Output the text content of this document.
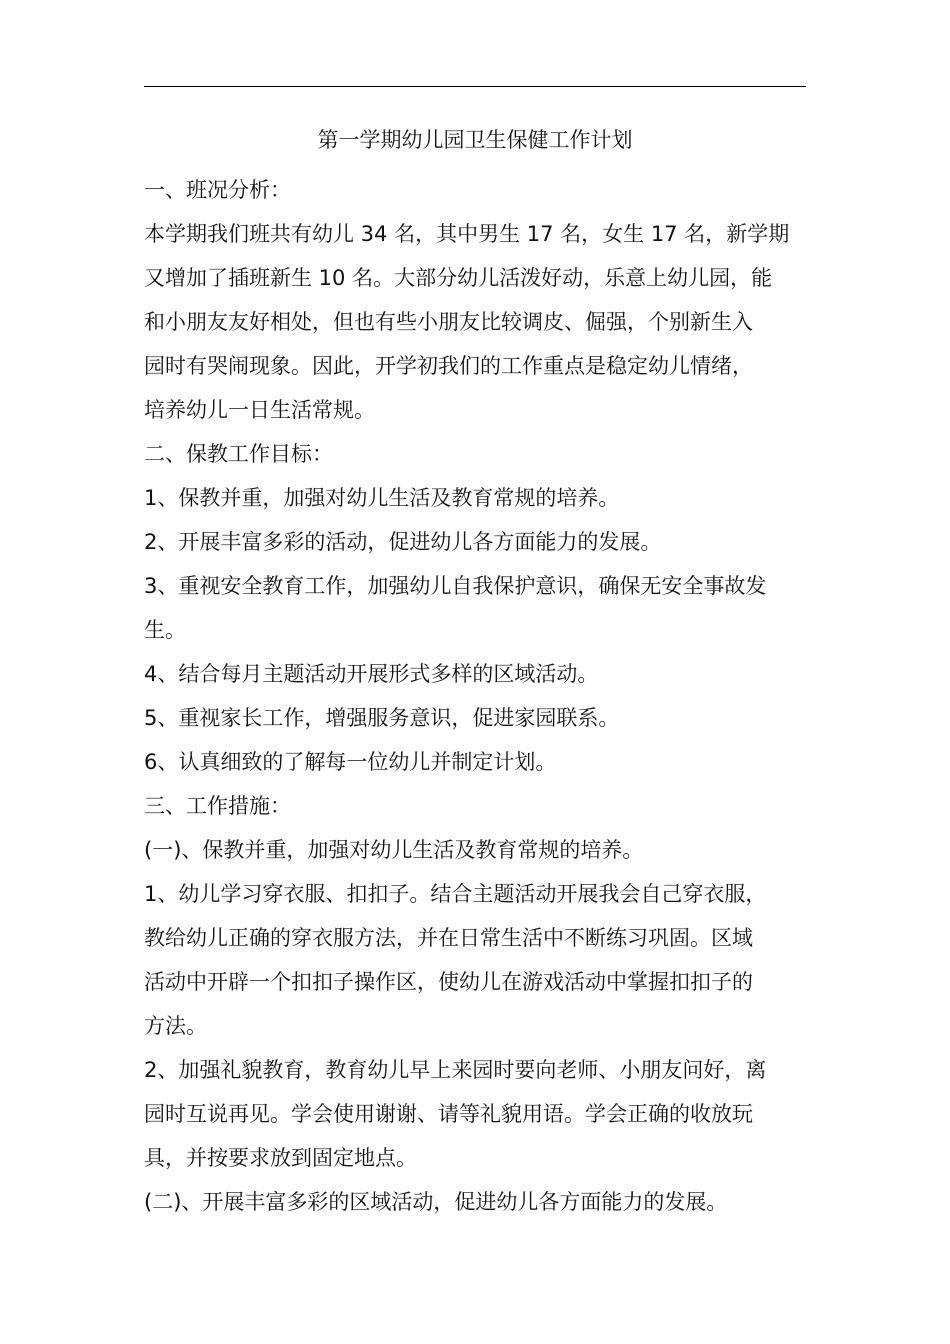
第一学期幼儿园卫生保健工作计划

一、班况分析：

本学期我们班共有幼儿 34 名，其中男生 17 名，女生 17 名，新学期

又增加了插班新生 10 名。大部分幼儿活泼好动，乐意上幼儿园，能

和小朋友友好相处，但也有些小朋友比较调皮、倔强，个别新生入

园时有哭闹现象。因此，开学初我们的工作重点是稳定幼儿情绪，

培养幼儿一日生活常规。

二、保教工作目标：

1、保教并重，加强对幼儿生活及教育常规的培养。

2、开展丰富多彩的活动，促进幼儿各方面能力的发展。

3、重视安全教育工作，加强幼儿自我保护意识，确保无安全事故发

生。

4、结合每月主题活动开展形式多样的区域活动。

5、重视家长工作，增强服务意识，促进家园联系。

6、认真细致的了解每一位幼儿并制定计划。

三、工作措施：

(一)、保教并重，加强对幼儿生活及教育常规的培养。

1、幼儿学习穿衣服、扣扣子。结合主题活动开展我会自己穿衣服，

教给幼儿正确的穿衣服方法，并在日常生活中不断练习巩固。区域

活动中开辟一个扣扣子操作区，使幼儿在游戏活动中掌握扣扣子的

方法。

2、加强礼貌教育，教育幼儿早上来园时要向老师、小朋友问好，离

园时互说再见。学会使用谢谢、请等礼貌用语。学会正确的收放玩

具，并按要求放到固定地点。

(二)、开展丰富多彩的区域活动，促进幼儿各方面能力的发展。
